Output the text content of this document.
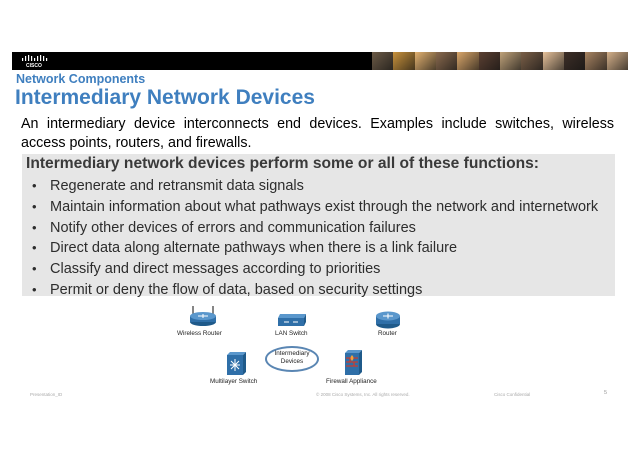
CISCO
Network Components
Intermediary Network Devices

An intermediary device interconnects end devices. Examples include switches, wireless access points, routers, and firewalls.

Intermediary network devices perform some or all of these functions:
• Regenerate and retransmit data signals
• Maintain information about what pathways exist through the network and internetwork
• Notify other devices of errors and communication failures
• Direct data along alternate pathways when there is a link failure
• Classify and direct messages according to priorities
• Permit or deny the flow of data, based on security settings
Wireless Router	LAN Switch	Router
Intermediary
Devices
Multilayer Switch	Firewall Appliance
Presentation_ID	© 2008 Cisco Systems, Inc. All rights reserved.	Cisco Confidential	5
